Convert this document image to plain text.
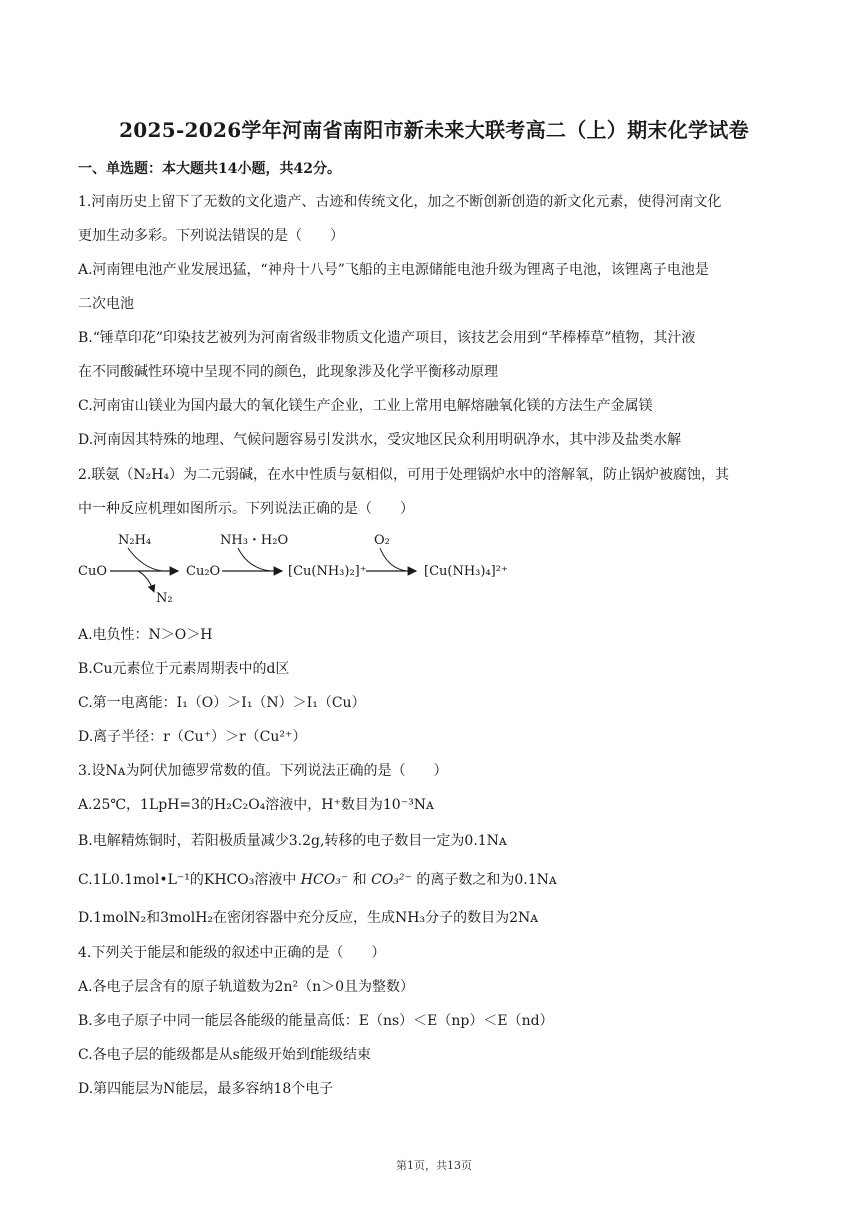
2025-2026学年河南省南阳市新未来大联考高二（上）期末化学试卷
一、单选题：本大题共14小题，共42分。
1.河南历史上留下了无数的文化遗产、古迹和传统文化，加之不断创新创造的新文化元素，使得河南文化
更加生动多彩。下列说法错误的是（　　）
A.河南锂电池产业发展迅猛，“神舟十八号”飞船的主电源储能电池升级为锂离子电池，该锂离子电池是
二次电池
B.“锤草印花”印染技艺被列为河南省级非物质文化遗产项目，该技艺会用到“芊棒棒草”植物，其汁液
在不同酸碱性环境中呈现不同的颜色，此现象涉及化学平衡移动原理
C.河南宙山镁业为国内最大的氧化镁生产企业，工业上常用电解熔融氧化镁的方法生产金属镁
D.河南因其特殊的地理、气候问题容易引发洪水，受灾地区民众利用明矾净水，其中涉及盐类水解
2.联氨（N₂H₄）为二元弱碱，在水中性质与氨相似，可用于处理锅炉水中的溶解氧，防止锅炉被腐蚀，其
中一种反应机理如图所示。下列说法正确的是（　　）
CuO
N₂H₄
N₂
Cu₂O
NH₃・H₂O
[Cu(NH₃)₂]⁺
O₂
[Cu(NH₃)₄]²⁺
A.电负性：N＞O＞H
B.Cu元素位于元素周期表中的d区
C.第一电离能：I₁（O）＞I₁（N）＞I₁（Cu）
D.离子半径：r（Cu⁺）＞r（Cu²⁺）
3.设Nᴀ为阿伏加德罗常数的值。下列说法正确的是（　　）
A.25℃，1LpH=3的H₂C₂O₄溶液中，H⁺数目为10⁻³Nᴀ
B.电解精炼铜时，若阳极质量减少3.2g,转移的电子数目一定为0.1Nᴀ
C.1L0.1mol•L⁻¹的KHCO₃溶液中 HCO₃⁻ 和 CO₃²⁻ 的离子数之和为0.1Nᴀ
D.1molN₂和3molH₂在密闭容器中充分反应，生成NH₃分子的数目为2Nᴀ
4.下列关于能层和能级的叙述中正确的是（　　）
A.各电子层含有的原子轨道数为2n²（n＞0且为整数）
B.多电子原子中同一能层各能级的能量高低：E（ns）＜E（np）＜E（nd）
C.各电子层的能级都是从s能级开始到f能级结束
D.第四能层为N能层，最多容纳18个电子
第1页，共13页
